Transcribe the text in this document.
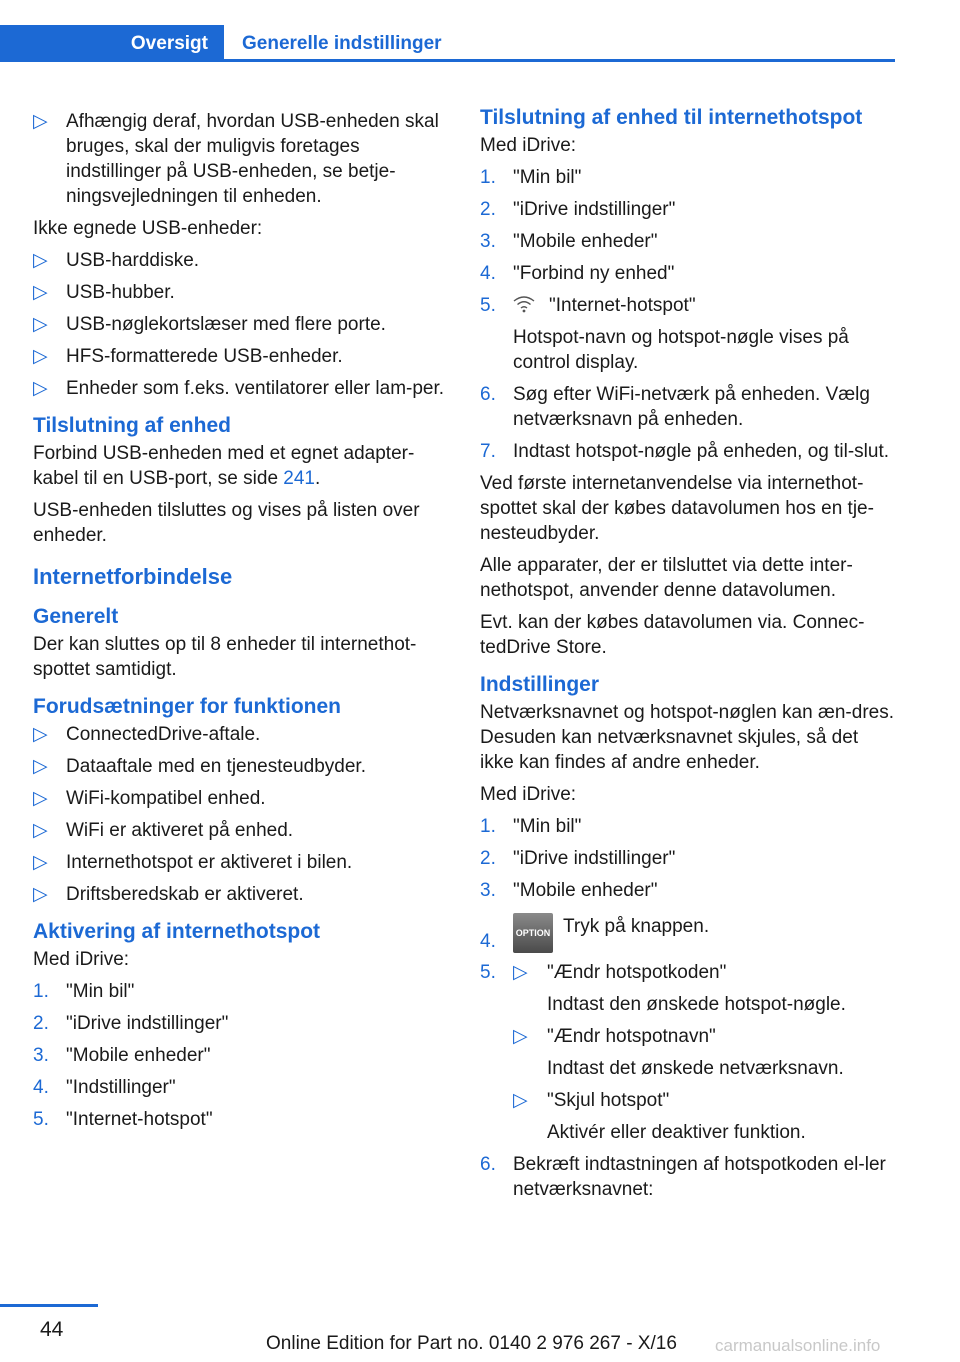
Oversigt	Generelle indstillinger
▷ Afhængig deraf, hvordan USB-enheden skal bruges, skal der muligvis foretages indstillinger på USB-enheden, se betje-ningsvejledningen til enheden.

Ikke egnede USB-enheder:

▷ USB-harddiske.
▷ USB-hubber.
▷ USB-nøglekortslæser med flere porte.
▷ HFS-formatterede USB-enheder.
▷ Enheder som f.eks. ventilatorer eller lam-per.
Tilslutning af enhed

Forbind USB-enheden med et egnet adapter-kabel til en USB-port, se side 241.

USB-enheden tilsluttes og vises på listen over enheder.

Internetforbindelse
Generelt

Der kan sluttes op til 8 enheder til internethot-spottet samtidigt.

Forudsætninger for funktionen
▷ ConnectedDrive-aftale.
▷ Dataaftale med en tjenesteudbyder.
▷ WiFi-kompatibel enhed.
▷ WiFi er aktiveret på enhed.
▷ Internethotspot er aktiveret i bilen.
▷ Driftsberedskab er aktiveret.
Aktivering af internethotspot

Med iDrive:

1. "Min bil"
2. "iDrive indstillinger"
3. "Mobile enheder"
4. "Indstillinger"
5. "Internet-hotspot"
Tilslutning af enhed til internethotspot

Med iDrive:

1. "Min bil"
2. "iDrive indstillinger"
3. "Mobile enheder"
4. "Forbind ny enhed"
5.	"Internet-hotspot"
Hotspot-navn og hotspot-nøgle vises på control display.
6. Søg efter WiFi-netværk på enheden. Vælg netværksnavn på enheden.
7. Indtast hotspot-nøgle på enheden, og til-slut.

Ved første internetanvendelse via internethot-spottet skal der købes datavolumen hos en tje-nesteudbyder.

Alle apparater, der er tilsluttet via dette inter-nethotspot, anvender denne datavolumen.

Evt. kan der købes datavolumen via. Connec-tedDrive Store.

Indstillinger

Netværksnavnet og hotspot-nøglen kan æn-dres. Desuden kan netværksnavnet skjules, så det ikke kan findes af andre enheder.

Med iDrive:

1. "Min bil"
2. "iDrive indstillinger"
3. "Mobile enheder"
4. OPTION Tryk på knappen.
5. ▷ "Ændr hotspotkoden"
Indtast den ønskede hotspot-nøgle.
▷ "Ændr hotspotnavn"
Indtast det ønskede netværksnavn.
▷ "Skjul hotspot"
Aktivér eller deaktiver funktion.
6. Bekræft indtastningen af hotspotkoden el-ler netværksnavnet:
44
Online Edition for Part no. 0140 2 976 267 - X/16 carmanualsonline.info
